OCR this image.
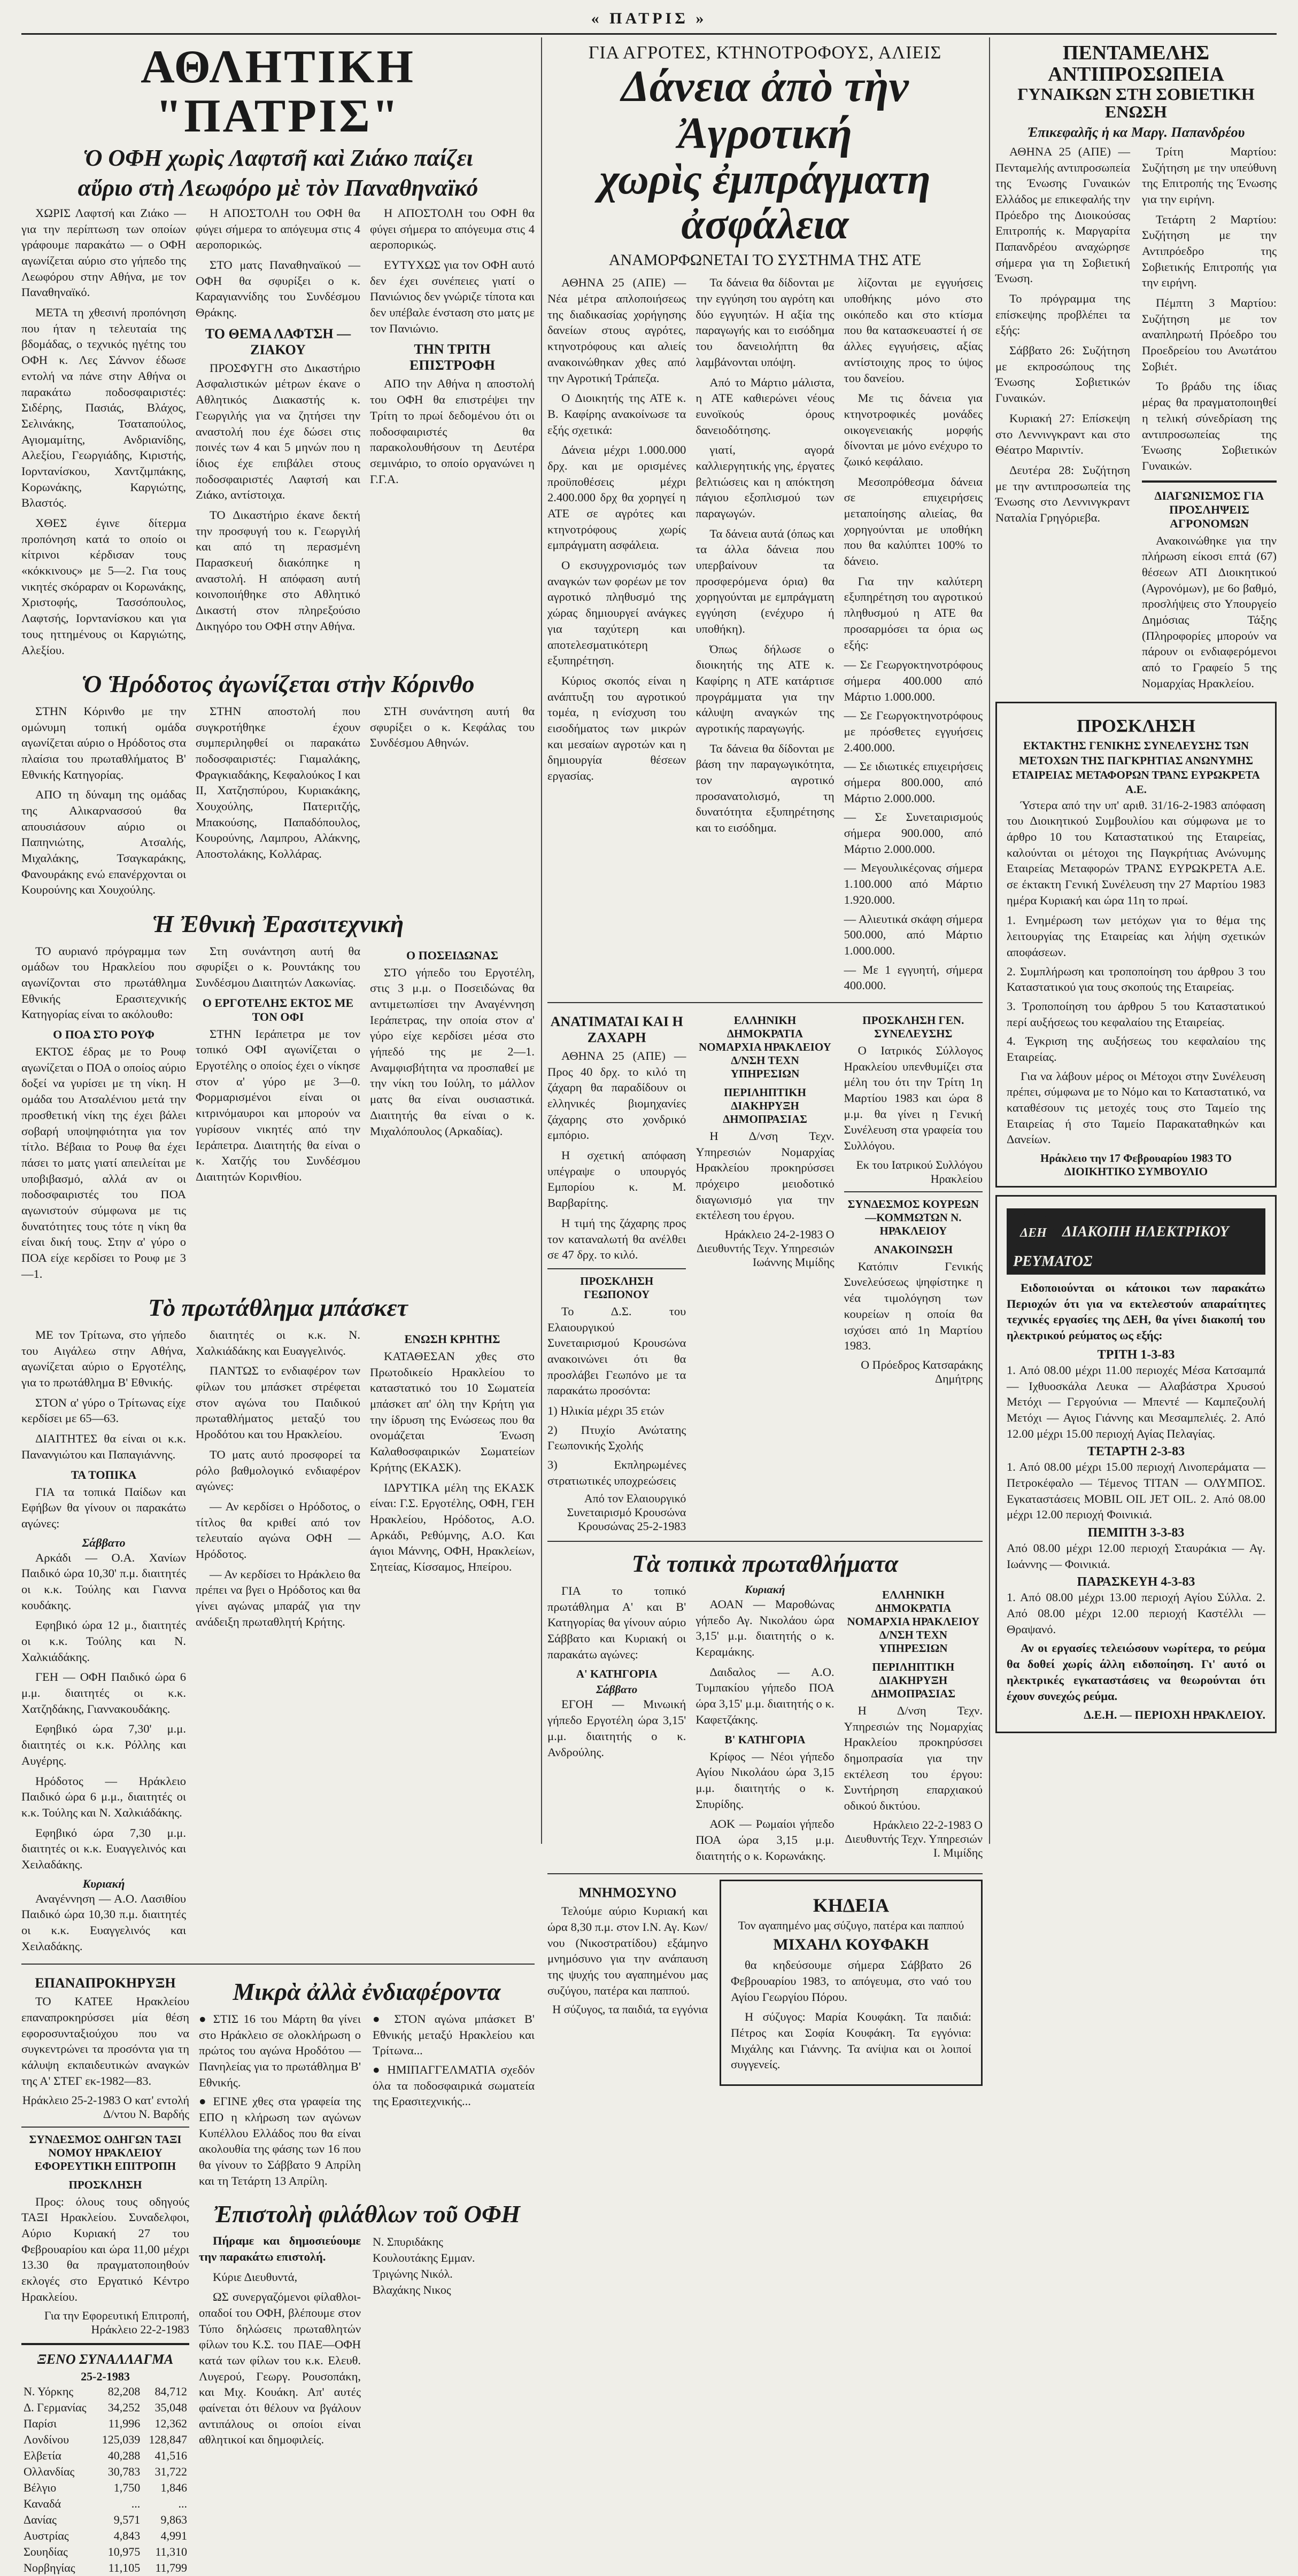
« ΠΑΤΡΙΣ »
ΑΘΛΗΤΙΚΗ "ΠΑΤΡΙΣ"
Ὁ ΟΦΗ χωρὶς Λαφτσῆ καὶ Ζιάκο παίζει
αὔριο στὴ Λεωφόρο μὲ τὸν Παναθηναϊκό

ΧΩΡΙΣ Λαφτσή και Ζιάκο — για την περίπτωση των οποίων γράφουμε παρακάτω — ο ΟΦΗ αγωνίζεται αύριο στο γήπεδο της Λεωφόρου στην Αθήνα, με τον Παναθηναϊκό.

ΜΕΤΑ τη χθεσινή προπόνηση που ήταν η τελευταία της βδομάδας, ο τεχνικός ηγέτης του ΟΦΗ κ. Λες Σάννον έδωσε εντολή να πάνε στην Αθήνα οι παρακάτω ποδοσφαιριστές: Σιδέρης, Πασιάς, Βλάχος, Σελινάκης, Τσαταπούλος, Αγιομαμίτης, Ανδριανίδης, Αλεξίου, Γεωργιάδης, Κιριστής, Ιορντανίσκου, Χαντζιμπάκης, Κορωνάκης, Καργιώτης, Βλαστός.

ΧΘΕΣ έγινε δίτερμα προπόνηση κατά το οποίο οι κίτρινοι κέρδισαν τους «κόκκινους» με 5—2. Για τους νικητές σκόραραν οι Κορωνάκης, Χριστοφής, Τασσόπουλος, Λαφτσής, Ιορντανίσκου και για τους ηττημένους οι Καργιώτης, Αλεξίου.

Η ΑΠΟΣΤΟΛΗ του ΟΦΗ θα φύγει σήμερα το απόγευμα στις 4 αεροπορικώς.

ΣΤΟ ματς Παναθηναϊκού — ΟΦΗ θα σφυρίξει ο κ. Καραγιαννίδης του Συνδέσμου Θράκης.

ΤΟ ΘΕΜΑ ΛΑΦΤΣΗ — ΖΙΑΚΟΥ

ΠΡΟΣΦΥΓΗ στο Δικαστήριο Ασφαλιστικών μέτρων έκανε ο Αθλητικός Διακαστής κ. Γεωργιλής για να ζητήσει την αναστολή που έχε δώσει στις ποινές των 4 και 5 μηνών που η ίδιος έχε επιβάλει στους ποδοσφαιριστές Λαφτσή και Ζιάκο, αντίστοιχα.

ΤΟ Δικαστήριο έκανε δεκτή την προσφυγή του κ. Γεωργιλή και από τη περασμένη Παρασκευή διακόπηκε η αναστολή. Η απόφαση αυτή κοινοποιήθηκε στο Αθλητικό Δικαστή στον πληρεξούσιο Δικηγόρο του ΟΦΗ στην Αθήνα.

Η ΑΠΟΣΤΟΛΗ του ΟΦΗ θα φύγει σήμερα το απόγευμα στις 4 αεροπορικώς.

ΕΥΤΥΧΩΣ για τον ΟΦΗ αυτό δεν έχει συνέπειες γιατί ο Πανιώνιος δεν γνώριζε τίποτα και δεν υπέβαλε ένσταση στο ματς με τον Πανιώνιο.

ΤΗΝ ΤΡΙΤΗ ΕΠΙΣΤΡΟΦΗ

ΑΠΟ την Αθήνα η αποστολή του ΟΦΗ θα επιστρέψει την Τρίτη το πρωί δεδομένου ότι οι ποδοσφαιριστές θα παρακολουθήσουν τη Δευτέρα σεμινάριο, το οποίο οργανώνει η Γ.Γ.Α.

Ὁ Ἡρόδοτος ἀγωνίζεται στὴν Κόρινθο

ΣΤΗΝ Κόρινθο με την ομώνυμη τοπική ομάδα αγωνίζεται αύριο ο Ηρόδοτος στα πλαίσια του πρωταθλήματος Β' Εθνικής Κατηγορίας.

ΑΠΟ τη δύναμη της ομάδας της Αλικαρνασσού θα απουσιάσουν αύριο οι Παπηνιώτης, Ατσαλής, Μιχαλάκης, Τσαγκαράκης, Φανουράκης ενώ επανέρχονται οι Κουρούνης και Χουχούλης.

ΣΤΗΝ αποστολή που συγκροτήθηκε έχουν συμπεριληφθεί οι παρακάτω ποδοσφαιριστές: Γιαμαλάκης, Φραγκιαδάκης, Κεφαλούκος Ι και ΙΙ, Χατζησπύρου, Κυριακάκης, Χουχούλης, Πατεριτζής, Μπακούσης, Παπαδόπουλος, Κουρούνης, Λαμπρου, Αλάκνης, Αποστολάκης, Κολλάρας.

ΣΤΗ συνάντηση αυτή θα σφυρίξει ο κ. Κεφάλας του Συνδέσμου Αθηνών.

Ἡ Ἐθνικὴ Ἐρασιτεχνικὴ

ΤΟ αυριανό πρόγραμμα των ομάδων του Ηρακλείου που αγωνίζονται στο πρωτάθλημα Εθνικής Ερασιτεχνικής Κατηγορίας είναι το ακόλουθο:

Ο ΠΟΑ ΣΤΟ ΡΟΥΦ

ΕΚΤΟΣ έδρας με το Ρουφ αγωνίζεται ο ΠΟΑ ο οποίος αύριο δοξεί να γυρίσει με τη νίκη. Η ομάδα του Ατσαλένιου μετά την προσθετική νίκη της έχει βάλει σοβαρή υποψηφιότητα για τον τίτλο. Βέβαια το Ρουφ θα έχει πάσει το ματς γιατί απειλείται με υποβιβασμό, αλλά αν οι ποδοσφαιριστές του ΠΟΑ αγωνιστούν σύμφωνα με τις δυνατότητες τους τότε η νίκη θα είναι δική τους. Στην α' γύρο ο ΠΟΑ είχε κερδίσει το Ρουφ με 3—1.

Στη συνάντηση αυτή θα σφυρίξει ο κ. Ρουντάκης του Συνδέσμου Διαιτητών Λακωνίας.

Ο ΕΡΓΟΤΕΛΗΣ ΕΚΤΟΣ ΜΕ ΤΟΝ ΟΦΙ

ΣΤΗΝ Ιεράπετρα με τον τοπικό ΟΦΙ αγωνίζεται ο Εργοτέλης ο οποίος έχει ο νίκησε στον α' γύρο με 3—0. Φορμαρισμένοι είναι οι κιτρινόμαυροι και μπορούν να γυρίσουν νικητές από την Ιεράπετρα. Διαιτητής θα είναι ο κ. Χατζής του Συνδέσμου Διαιτητών Κορινθίου.

Ο ΠΟΣΕΙΔΩΝΑΣ

ΣΤΟ γήπεδο του Εργοτέλη, στις 3 μ.μ. ο Ποσειδώνας θα αντιμετωπίσει την Αναγέννηση Ιεράπετρας, την οποία στον α' γύρο είχε κερδίσει μέσα στο γήπεδό της με 2—1. Αναμφισβήτητα να προσπαθεί με την νίκη του Ιούλη, το μάλλον ματς θα είναι ουσιαστικά. Διαιτητής θα είναι ο κ. Μιχαλόπουλος (Αρκαδίας).

Τὸ πρωτάθλημα μπάσκετ

ΜΕ τον Τρίτωνα, στο γήπεδο του Αιγάλεω στην Αθήνα, αγωνίζεται αύριο ο Εργοτέλης, για το πρωτάθλημα Β' Εθνικής.

ΣΤΟΝ α' γύρο ο Τρίτωνας είχε κερδίσει με 65—63.

ΔΙΑΙΤΗΤΕΣ θα είναι οι κ.κ. Πανανγιώτου και Παπαγιάννης.

ΤΑ ΤΟΠΙΚΑ

ΓΙΑ τα τοπικά Παίδων και Εφήβων θα γίνουν οι παρακάτω αγώνες:

Σάββατο

Αρκάδι — Ο.Α. Χανίων Παιδικό ώρα 10,30' π.μ. διαιτητές οι κ.κ. Τούλης και Γιαννα κουδάκης.

Εφηβικό ώρα 12 μ., διαιτητές οι κ.κ. Τούλης και Ν. Χαλκιάδάκης.

ΓΕΗ — ΟΦΗ Παιδικό ώρα 6 μ.μ. διαιτητές οι κ.κ. Χατζηδάκης, Γιαννακουδάκης.

Εφηβικό ώρα 7,30' μ.μ. διαιτητές οι κ.κ. Ρόλλης και Αυγέρης.

Ηρόδοτος — Ηράκλειο Παιδικό ώρα 6 μ.μ., διαιτητές οι κ.κ. Τούλης και Ν. Χαλκιάδάκης.

Εφηβικό ώρα 7,30 μ.μ. διαιτητές οι κ.κ. Ευαγγελινός και Χειλαδάκης.

Κυριακή

Αναγέννηση — Α.Ο. Λασιθίου Παιδικό ώρα 10,30 π.μ. διαιτητές οι κ.κ. Ευαγγελινός και Χειλαδάκης.

διαιτητές οι κ.κ. Ν. Χαλκιάδάκης και Ευαγγελινός.

ΠΑΝΤΩΣ το ενδιαφέρον των φίλων του μπάσκετ στρέφεται στον αγώνα του Παιδικού πρωταθλήματος μεταξύ του Ηροδότου και του Ηρακλείου.

ΤΟ ματς αυτό προσφορεί τα ρόλο βαθμολογικό ενδιαφέρον αγώνες:

— Αν κερδίσει ο Ηρόδοτος, ο τίτλος θα κριθεί από τον τελευταίο αγώνα ΟΦΗ — Ηρόδοτος.

— Αν κερδίσει το Ηράκλειο θα πρέπει να βγει ο Ηρόδοτος και θα γίνει αγώνας μπαράζ για την ανάδειξη πρωταθλητή Κρήτης.

ΕΝΩΣΗ ΚΡΗΤΗΣ

ΚΑΤΑΘΕΣΑΝ χθες στο Πρωτοδικείο Ηρακλείου το καταστατικό του 10 Σωματεία μπάσκετ απ' όλη την Κρήτη για την ίδρυση της Ενώσεως που θα ονομάζεται Ένωση Καλαθοσφαιρικών Σωματείων Κρήτης (ΕΚΑΣΚ).

ΙΔΡΥΤΙΚΑ μέλη της ΕΚΑΣΚ είναι: Γ.Σ. Εργοτέλης, ΟΦΗ, ΓΕΗ Ηρακλείου, Ηρόδοτος, Α.Ο. Αρκάδι, Ρεθύμνης, Α.Ο. Και άγιοι Μάννης, ΟΦΗ, Ηρακλείων, Σητείας, Κίσσαμος, Ηπείρου.

ΕΠΑΝΑΠΡΟΚΗΡΥΞΗ

ΤΟ ΚΑΤΕΕ Ηρακλείου επαναπροκηρύσσει μία θέση εφοροσυνταξιούχου που να συγκεντρώνει τα προσόντα για τη κάλυψη εκπαιδευτικών αναγκών της Α' ΣΤΕΓ εκ-1982—83.

Ηράκλειο 25-2-1983 Ο κατ' εντολή Δ/ντου Ν. Βαρδής
ΣΥΝΔΕΣΜΟΣ ΟΔΗΓΩΝ ΤΑΞΙ ΝΟΜΟΥ ΗΡΑΚΛΕΙΟΥ ΕΦΟΡΕΥΤΙΚΗ ΕΠΙΤΡΟΠΗ
ΠΡΟΣΚΛΗΣΗ

Προς: όλους τους οδηγούς ΤΑΞΙ Ηρακλείου. Συναδελφοι, Αύριο Κυριακή 27 του Φεβρουαρίου και ώρα 11,00 μέχρι 13.30 θα πραγματοποιηθούν εκλογές στο Εργατικό Κέντρο Ηρακλείου.

Για την Εφορευτική Επιτροπή, Ηράκλειο 22-2-1983
ΞΕΝΟ ΣΥΝΑΛΛΑΓΜΑ
25-2-1983
Ν. Υόρκης	82,208	84,712
Δ. Γερμανίας	34,252	35,048
Παρίσι	11,996	12,362
Λονδίνου	125,039	128,847
Ελβετία	40,288	41,516
Ολλανδίας	30,783	31,722
Βέλγιο	1,750	1,846
Καναδά	...	...
Δανίας	9,571	9,863
Αυστρίας	4,843	4,991
Σουηδίας	10,975	11,310
Νορβηγίας	11,105	11,799
Μικρὰ ἀλλὰ ἐνδιαφέροντα

● ΣΤΙΣ 16 του Μάρτη θα γίνει στο Ηράκλειο σε ολοκλήρωση ο πρώτος του αγώνα Ηροδότου — Πανηλείας για το πρωτάθλημα Β' Εθνικής.

● ΕΓΙΝΕ χθες στα γραφεία της ΕΠΟ η κλήρωση των αγώνων Κυπέλλου Ελλάδος που θα είναι ακολουθία της φάσης των 16 που θα γίνουν το Σάββατο 9 Απρίλη και τη Τετάρτη 13 Απρίλη.

● ΣΤΟΝ αγώνα μπάσκετ Β' Εθνικής μεταξύ Ηρακλείου και Τρίτωνα...

● ΗΜΙΠΑΓΓΕΛΜΑΤΙΑ σχεδόν όλα τα ποδοσφαιρικά σωματεία της Ερασιτεχνικής...

Ἐπιστολὴ φιλάθλων τοῦ ΟΦΗ

Πήραμε και δημοσιεύουμε την παρακάτω επιστολή.

Κύριε Διευθυντά,

ΩΣ συνεργαζόμενοι φίλαθλοι-οπαδοί του ΟΦΗ, βλέπουμε στον Τύπο δηλώσεις πρωταθλητών φίλων του Κ.Σ. του ΠΑΕ—ΟΦΗ κατά των φίλων του κ.κ. Ελευθ. Λυγερού, Γεωργ. Ρουσοπάκη, και Μιχ. Κουάκη. Απ' αυτές φαίνεται ότι θέλουν να βγάλουν αντιπάλους οι οποίοι είναι αθλητικοί και δημοφιλείς.

Ν. Σπυριδάκης
Κουλουτάκης Εμμαν.
Τριγώνης Νικόλ.
Βλαχάκης Νικος
ΓΙΑ ΑΓΡΟΤΕΣ, ΚΤΗΝΟΤΡΟΦΟΥΣ, ΑΛΙΕΙΣ
Δάνεια ἀπὸ τὴν Ἀγροτική
χωρὶς ἐμπράγματη ἀσφάλεια
ΑΝΑΜΟΡΦΩΝΕΤΑΙ ΤΟ ΣΥΣΤΗΜΑ ΤΗΣ ΑΤΕ

ΑΘΗΝΑ 25 (ΑΠΕ) — Νέα μέτρα απλοποιήσεως της διαδικασίας χορήγησης δανείων στους αγρότες, κτηνοτρόφους και αλιείς ανακοινώθηκαν χθες από την Αγροτική Τράπεζα.

Ο Διοικητής της ΑΤΕ κ. Β. Καφίρης ανακοίνωσε τα εξής σχετικά:

Δάνεια μέχρι 1.000.000 δρχ. και με ορισμένες προϋποθέσεις μέχρι 2.400.000 δρχ θα χορηγεί η ΑΤΕ σε αγρότες και κτηνοτρόφους χωρίς εμπράγματη ασφάλεια.

Ο εκσυγχρονισμός των αναγκών των φορέων με τον αγροτικό πληθυσμό της χώρας δημιουργεί ανάγκες για ταχύτερη και αποτελεσματικότερη εξυπηρέτηση.

Κύριος σκοπός είναι η ανάπτυξη του αγροτικού τομέα, η ενίσχυση του εισοδήματος των μικρών και μεσαίων αγροτών και η δημιουργία θέσεων εργασίας.

Τα δάνεια θα δίδονται με την εγγύηση του αγρότη και δύο εγγυητών. Η αξία της παραγωγής και το εισόδημα του δανειολήπτη θα λαμβάνονται υπόψη.

Από το Μάρτιο μάλιστα, η ΑΤΕ καθιερώνει νέους ευνοϊκούς όρους δανειοδότησης.

γιατί, αγορά καλλιεργητικής γης, έργατες βελτιώσεις και η απόκτηση πάγιου εξοπλισμού των παραγωγών.

Τα δάνεια αυτά (όπως και τα άλλα δάνεια που υπερβαίνουν τα προσφερόμενα όρια) θα χορηγούνται με εμπράγματη εγγύηση (ενέχυρο ή υποθήκη).

Όπως δήλωσε ο διοικητής της ΑΤΕ κ. Καφίρης η ΑΤΕ κατάρτισε προγράμματα για την κάλυψη αναγκών της αγροτικής παραγωγής.

Τα δάνεια θα δίδονται με βάση την παραγωγικότητα, τον αγροτικό προσανατολισμό, τη δυνατότητα εξυπηρέτησης και το εισόδημα.

λίζονται με εγγυήσεις υποθήκης μόνο στο οικόπεδο και στο κτίσμα που θα κατασκευαστεί ή σε άλλες εγγυήσεις, αξίας αντίστοιχης προς το ύψος του δανείου.

Με τις δάνεια για κτηνοτροφικές μονάδες οικογενειακής μορφής δίνονται με μόνο ενέχυρο το ζωικό κεφάλαιο.

Μεσοπρόθεσμα δάνεια σε επιχειρήσεις μεταποίησης αλιείας, θα χορηγούνται με υποθήκη που θα καλύπτει 100% το δάνειο.

Για την καλύτερη εξυπηρέτηση του αγροτικού πληθυσμού η ΑΤΕ θα προσαρμόσει τα όρια ως εξής:

— Σε Γεωργοκτηνοτρόφους σήμερα 400.000 από Μάρτιο 1.000.000.

— Σε Γεωργοκτηνοτρόφους με πρόσθετες εγγυήσεις 2.400.000.

— Σε ιδιωτικές επιχειρήσεις σήμερα 800.000, από Μάρτιο 2.000.000.

— Σε Συνεταιρισμούς σήμερα 900.000, από Μάρτιο 2.000.000.

— Μεγουλικέςονας σήμερα 1.100.000 από Μάρτιο 1.920.000.

— Αλιευτικά σκάφη σήμερα 500.000, από Μάρτιο 1.000.000.

— Με 1 εγγυητή, σήμερα 400.000.

ΑΝΑΤΙΜΑΤΑΙ ΚΑΙ Η ΖΑΧΑΡΗ

ΑΘΗΝΑ 25 (ΑΠΕ) — Προς 40 δρχ. το κιλό τη ζάχαρη θα παραδίδουν οι ελληνικές βιομηχανίες ζάχαρης στο χονδρικό εμπόριο.

Η σχετική απόφαση υπέγραψε ο υπουργός Εμπορίου κ. Μ. Βαρβαρίτης.

Η τιμή της ζάχαρης προς τον καταναλωτή θα ανέλθει σε 47 δρχ. το κιλό.

ΠΡΟΣΚΛΗΣΗ ΓΕΩΠΟΝΟΥ

Το Δ.Σ. του Ελαιουργικού Συνεταιρισμού Κρουσώνα ανακοινώνει ότι θα προσλάβει Γεωπόνο με τα παρακάτω προσόντα:

1) Ηλικία μέχρι 35 ετών

2) Πτυχίο Ανώτατης Γεωπονικής Σχολής

3) Εκπληρωμένες στρατιωτικές υποχρεώσεις

Από τον Ελαιουργικό Συνεταιρισμό Κρουσώνα Κρουσώνας 25-2-1983
ΕΛΛΗΝΙΚΗ ΔΗΜΟΚΡΑΤΙΑ ΝΟΜΑΡΧΙΑ ΗΡΑΚΛΕΙΟΥ Δ/ΝΣΗ ΤΕΧΝ ΥΠΗΡΕΣΙΩΝ
ΠΕΡΙΛΗΠΤΙΚΗ ΔΙΑΚΗΡΥΞΗ ΔΗΜΟΠΡΑΣΙΑΣ

Η Δ/νση Τεχν. Υπηρεσιών Νομαρχίας Ηρακλείου προκηρύσσει πρόχειρο μειοδοτικό διαγωνισμό για την εκτέλεση του έργου.

Ηράκλειο 24-2-1983 Ο Διευθυντής Τεχν. Υπηρεσιών Ιωάννης Μιμίδης
ΠΡΟΣΚΛΗΣΗ ΓΕΝ. ΣΥΝΕΛΕΥΣΗΣ

Ο Ιατρικός Σύλλογος Ηρακλείου υπενθυμίζει στα μέλη του ότι την Τρίτη 1η Μαρτίου 1983 και ώρα 8 μ.μ. θα γίνει η Γενική Συνέλευση στα γραφεία του Συλλόγου.

Εκ του Ιατρικού Συλλόγου Ηρακλείου
ΣΥΝΔΕΣΜΟΣ ΚΟΥΡΕΩΝ—ΚΟΜΜΩΤΩΝ Ν. ΗΡΑΚΛΕΙΟΥ
ΑΝΑΚΟΙΝΩΣΗ

Κατόπιν Γενικής Συνελεύσεως ψηφίστηκε η νέα τιμολόγηση των κουρείων η οποία θα ισχύσει από 1η Μαρτίου 1983.

Ο Πρόεδρος Κατσαράκης Δημήτρης
Τὰ τοπικὰ πρωταθλήματα

ΓΙΑ το τοπικό πρωτάθλημα Α' και Β' Κατηγορίας θα γίνουν αύριο Σάββατο και Κυριακή οι παρακάτω αγώνες:

Α' ΚΑΤΗΓΟΡΙΑ
Σάββατο

ΕΓΟΗ — Μινωική γήπεδο Εργοτέλη ώρα 3,15' μ.μ. διαιτητής ο κ. Ανδρούλης.

Κυριακή

ΑΟΑΝ — Μαροθώνας γήπεδο Αγ. Νικολάου ώρα 3,15' μ.μ. διαιτητής ο κ. Κεραμάκης.

Δαιδαλος — Α.Ο. Τυμπακίου γήπεδο ΠΟΑ ώρα 3,15' μ.μ. διαιτητής ο κ. Καφετζάκης.

Β' ΚΑΤΗΓΟΡΙΑ

Κρίφος — Νέοι γήπεδο Αγίου Νικολάου ώρα 3,15 μ.μ. διαιτητής ο κ. Σπυρίδης.

ΑΟΚ — Ρωμαίοι γήπεδο ΠΟΑ ώρα 3,15 μ.μ. διαιτητής ο κ. Κορωνάκης.

ΕΛΛΗΝΙΚΗ ΔΗΜΟΚΡΑΤΙΑ ΝΟΜΑΡΧΙΑ ΗΡΑΚΛΕΙΟΥ Δ/ΝΣΗ ΤΕΧΝ ΥΠΗΡΕΣΙΩΝ
ΠΕΡΙΛΗΠΤΙΚΗ ΔΙΑΚΗΡΥΞΗ ΔΗΜΟΠΡΑΣΙΑΣ

Η Δ/νση Τεχν. Υπηρεσιών της Νομαρχίας Ηρακλείου προκηρύσσει δημοπρασία για την εκτέλεση του έργου: Συντήρηση επαρχιακού οδικού δικτύου.

Ηράκλειο 22-2-1983 Ο Διευθυντής Τεχν. Υπηρεσιών Ι. Μιμίδης
ΜΝΗΜΟΣΥΝΟ

Τελούμε αύριο Κυριακή και ώρα 8,30 π.μ. στον Ι.Ν. Αγ. Κων/νου (Νικοστρατίδου) εξάμηνο μνημόσυνο για την ανάπαυση της ψυχής του αγαπημένου μας συζύγου, πατέρα και παππού.

Η σύζυγος, τα παιδιά, τα εγγόνια
ΚΗΔΕΙΑ
Τον αγαπημένο μας σύζυγο, πατέρα και παππού
ΜΙΧΑΗΛ ΚΟΥΦΑΚΗ

θα κηδεύσουμε σήμερα Σάββατο 26 Φεβρουαρίου 1983, το απόγευμα, στο ναό του Αγίου Γεωργίου Πόρου.

Η σύζυγος: Μαρία Κουφάκη. Τα παιδιά: Πέτρος και Σοφία Κουφάκη. Τα εγγόνια: Μιχάλης και Γιάννης. Τα ανίψια και οι λοιποί συγγενείς.

ΠΕΝΤΑΜΕΛΗΣ ΑΝΤΙΠΡΟΣΩΠΕΙΑ
ΓΥΝΑΙΚΩΝ ΣΤΗ ΣΟΒΙΕΤΙΚΗ ΕΝΩΣΗ
Ἐπικεφαλῆς ἡ κα Μαργ. Παπανδρέου

ΑΘΗΝΑ 25 (ΑΠΕ) — Πενταμελής αντιπροσωπεία της Ένωσης Γυναικών Ελλάδος με επικεφαλής την Πρόεδρο της Διοικούσας Επιτροπής κ. Μαργαρίτα Παπανδρέου αναχώρησε σήμερα για τη Σοβιετική Ένωση.

Το πρόγραμμα της επίσκεψης προβλέπει τα εξής:

Σάββατο 26: Συζήτηση με εκπροσώπους της Ένωσης Σοβιετικών Γυναικών.

Κυριακή 27: Επίσκεψη στο Λεννινγκραντ και στο Θέατρο Μαριντίν.

Δευτέρα 28: Συζήτηση με την αντιπροσωπεία της Ένωσης στο Λεννινγκραντ Ναταλία Γρηγόριεβα.

Τρίτη Μαρτίου: Συζήτηση με την υπεύθυνη της Επιτροπής της Ένωσης για την ειρήνη.

Τετάρτη 2 Μαρτίου: Συζήτηση με την Αντιπρόεδρο της Σοβιετικής Επιτροπής για την ειρήνη.

Πέμπτη 3 Μαρτίου: Συζήτηση με τον αναπληρωτή Πρόεδρο του Προεδρείου του Ανωτάτου Σοβιέτ.

Το βράδυ της ίδιας μέρας θα πραγματοποιηθεί η τελική σύνεδρίαση της αντιπροσωπείας της Ένωσης Σοβιετικών Γυναικών.

ΔΙΑΓΩΝΙΣΜΟΣ ΓΙΑ ΠΡΟΣΛΗΨΕΙΣ ΑΓΡΟΝΟΜΩΝ

Ανακοινώθηκε για την πλήρωση είκοσι επτά (67) θέσεων ΑΤΙ Διοικητικού (Αγρονόμων), με 6ο βαθμό, προσλήψεις στο Υπουργείο Δημόσιας Τάξης (Πληροφορίες μπορούν να πάρουν οι ενδιαφερόμενοι από το Γραφείο 5 της Νομαρχίας Ηρακλείου.

ΠΡΟΣΚΛΗΣΗ
ΕΚΤΑΚΤΗΣ ΓΕΝΙΚΗΣ ΣΥΝΕΛΕΥΣΗΣ ΤΩΝ ΜΕΤΟΧΩΝ ΤΗΣ ΠΑΓΚΡΗΤΙΑΣ ΑΝΩΝΥΜΗΣ ΕΤΑΙΡΕΙΑΣ ΜΕΤΑΦΟΡΩΝ ΤΡΑΝΣ ΕΥΡΩΚΡΕΤΑ Α.Ε.

Ύστερα από την υπ' αριθ. 31/16-2-1983 απόφαση του Διοικητικού Συμβουλίου και σύμφωνα με το άρθρο 10 του Καταστατικού της Εταιρείας, καλούνται οι μέτοχοι της Παγκρήτιας Ανώνυμης Εταιρείας Μεταφορών ΤΡΑΝΣ ΕΥΡΩΚΡΕΤΑ Α.Ε. σε έκτακτη Γενική Συνέλευση την 27 Μαρτίου 1983 ημέρα Κυριακή και ώρα 11η το πρωί.

1. Ενημέρωση των μετόχων για το θέμα της λειτουργίας της Εταιρείας και λήψη σχετικών αποφάσεων.

2. Συμπλήρωση και τροποποίηση του άρθρου 3 του Καταστατικού για τους σκοπούς της Εταιρείας.

3. Τροποποίηση του άρθρου 5 του Καταστατικού περί αυξήσεως του κεφαλαίου της Εταιρείας.

4. Έγκριση της αυξήσεως του κεφαλαίου της Εταιρείας.

Για να λάβουν μέρος οι Μέτοχοι στην Συνέλευση πρέπει, σύμφωνα με το Νόμο και το Καταστατικό, να καταθέσουν τις μετοχές τους στο Ταμείο της Εταιρείας ή στο Ταμείο Παρακαταθηκών και Δανείων.

Ηράκλειο την 17 Φεβρουαρίου 1983 ΤΟ ΔΙΟΙΚΗΤΙΚΟ ΣΥΜΒΟΥΛΙΟ
ΔΕΗ ΔΙΑΚΟΠΗ ΗΛΕΚΤΡΙΚΟΥ ΡΕΥΜΑΤΟΣ

Ειδοποιούνται οι κάτοικοι των παρακάτω Περιοχών ότι για να εκτελεστούν απαραίτητες τεχνικές εργασίες της ΔΕΗ, θα γίνει διακοπή του ηλεκτρικού ρεύματος ως εξής:

ΤΡΙΤΗ 1-3-83

1. Από 08.00 μέχρι 11.00 περιοχές Μέσα Κατσαμπά — Ιχθυοσκάλα Λευκα — Αλαβάστρα Χρυσού Μετόχι — Γεργούνια — Μπεντέ — Καμπεζουλή Μετόχι — Αγιος Γιάννης και Μεσαμπελιές. 2. Από 12.00 μέχρι 15.00 περιοχή Αγίας Πελαγίας.

ΤΕΤΑΡΤΗ 2-3-83

1. Από 08.00 μέχρι 15.00 περιοχή Λινοπεράματα — Πετροκέφαλο — Τέμενος ΤΙΤΑΝ — ΟΛΥΜΠΟΣ. Εγκαταστάσεις MOBIL OIL JET OIL. 2. Από 08.00 μέχρι 12.00 περιοχή Φοινικιά.

ΠΕΜΠΤΗ 3-3-83

Από 08.00 μέχρι 12.00 περιοχή Σταυράκια — Αγ. Ιωάννης — Φοινικιά.

ΠΑΡΑΣΚΕΥΗ 4-3-83

1. Από 08.00 μέχρι 13.00 περιοχή Αγίου Σύλλα. 2. Από 08.00 μέχρι 12.00 περιοχή Καστέλλι — Θραψανό.

Αν οι εργασίες τελειώσουν νωρίτερα, το ρεύμα θα δοθεί χωρίς άλλη ειδοποίηση. Γι' αυτό οι ηλεκτρικές εγκαταστάσεις να θεωρούνται ότι έχουν συνεχώς ρεύμα.

Δ.Ε.Η. — ΠΕΡΙΟΧΗ ΗΡΑΚΛΕΙΟΥ.
